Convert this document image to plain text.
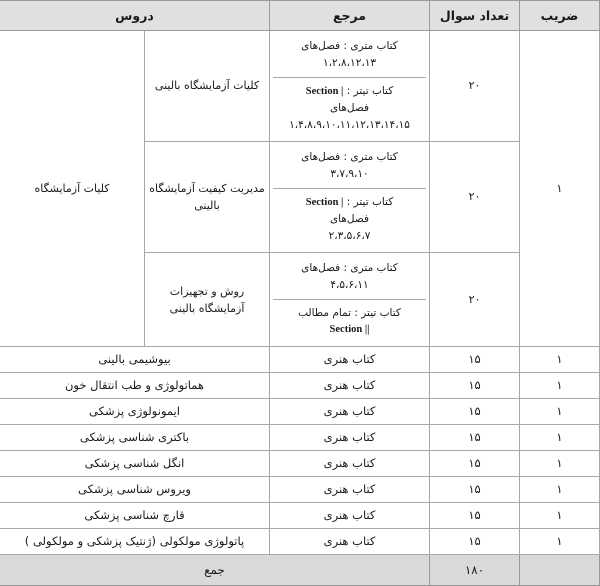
ضریب	تعداد سوال	مرجع	دروس	
۱	۲۰	کتاب متری : فصل‌های
۱،۲،۸،۱۲،۱۳
کتاب تیتر : Section |
فصل‌های
۱،۴،۸،۹،۱۰،۱۱،۱۲،۱۳،۱۴،۱۵	کلیات آزمایشگاه بالینی	کلیات آزمایشگاه
	۲۰	کتاب متری : فصل‌های
۳،۷،۹،۱۰
کتاب تیتر : Section |
فصل‌های
۲،۳،۵،۶،۷	مدیریت کیفیت آزمایشگاه بالینی	
	۲۰	کتاب متری : فصل‌های
۴،۵،۶،۱۱
کتاب تیتر : تمام مطالب
Section ||	روش و تجهیزات آزمایشگاه بالینی	
۱	۱۵	کتاب هنری	بیوشیمی بالینی	
۱	۱۵	کتاب هنری	هماتولوژی و طب انتقال خون	
۱	۱۵	کتاب هنری	ایمونولوژی پزشکی	
۱	۱۵	کتاب هنری	باکتری شناسی پزشکی	
۱	۱۵	کتاب هنری	انگل شناسی پزشکی	
۱	۱۵	کتاب هنری	ویروس شناسی پزشکی	
۱	۱۵	کتاب هنری	قارچ شناسی پزشکی	
۱	۱۵	کتاب هنری	پاتولوژی مولکولی (ژنتیک پزشکی و مولکولی )	
	۱۸۰	جمع		
